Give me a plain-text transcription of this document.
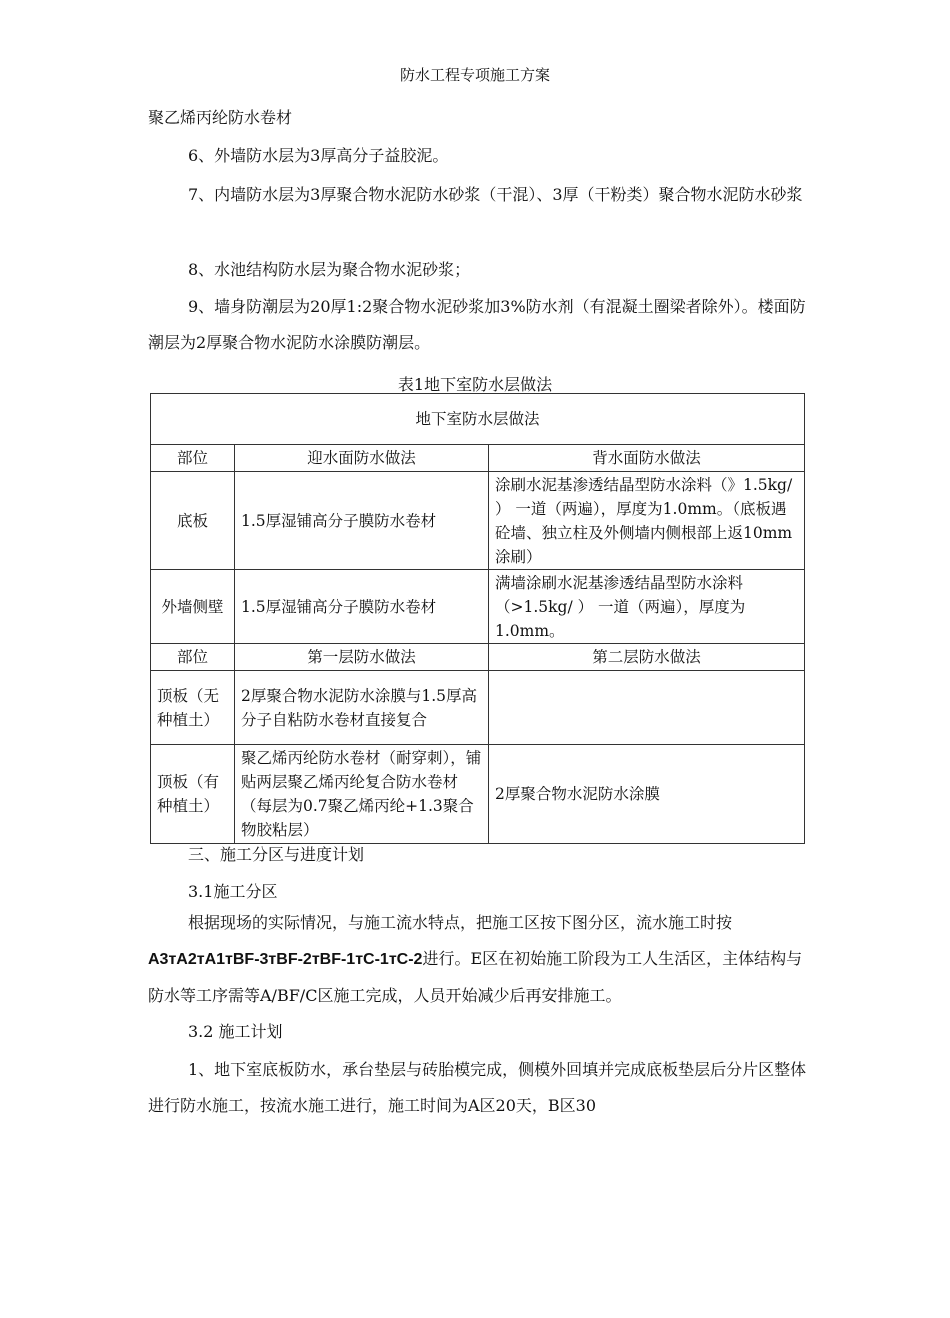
防水工程专项施工方案

聚乙烯丙纶防水卷材

6、外墙防水层为3厚高分子益胶泥。

7、内墙防水层为3厚聚合物水泥防水砂浆（干混）、3厚（干粉类）聚合物水泥防水砂浆

8、水池结构防水层为聚合物水泥砂浆；

9、墙身防潮层为20厚1:2聚合物水泥砂浆加3%防水剂（有混凝土圈梁者除外）。楼面防潮层为2厚聚合物水泥防水涂膜防潮层。

表1地下室防水层做法
地下室防水层做法		
部位	迎水面防水做法	背水面防水做法
底板	1.5厚湿铺高分子膜防水卷材	涂刷水泥基渗透结晶型防水涂料（》1.5kg/ ） 一道（两遍），厚度为1.0mm。（底板遇砼墙、独立柱及外侧墙内侧根部上返10mm涂刷）
外墙侧壁	1.5厚湿铺高分子膜防水卷材	满墙涂刷水泥基渗透结晶型防水涂料（>1.5kg/ ） 一道（两遍），厚度为1.0mm。
部位	第一层防水做法	第二层防水做法
顶板（无种植土）	2厚聚合物水泥防水涂膜与1.5厚高分子自粘防水卷材直接复合	
顶板（有种植土）	聚乙烯丙纶防水卷材（耐穿刺），铺贴两层聚乙烯丙纶复合防水卷材（每层为0.7聚乙烯丙纶+1.3聚合物胶粘层）	2厚聚合物水泥防水涂膜

三、施工分区与进度计划

3.1施工分区

根据现场的实际情况，与施工流水特点，把施工区按下图分区，流水施工时按A3тA2тA1тBF-3тBF-2тBF-1тC-1тC-2进行。E区在初始施工阶段为工人生活区，主体结构与防水等工序需等A/BF/C区施工完成，人员开始减少后再安排施工。

3.2 施工计划

1、地下室底板防水，承台垫层与砖胎模完成，侧模外回填并完成底板垫层后分片区整体进行防水施工，按流水施工进行，施工时间为A区20天，B区30
